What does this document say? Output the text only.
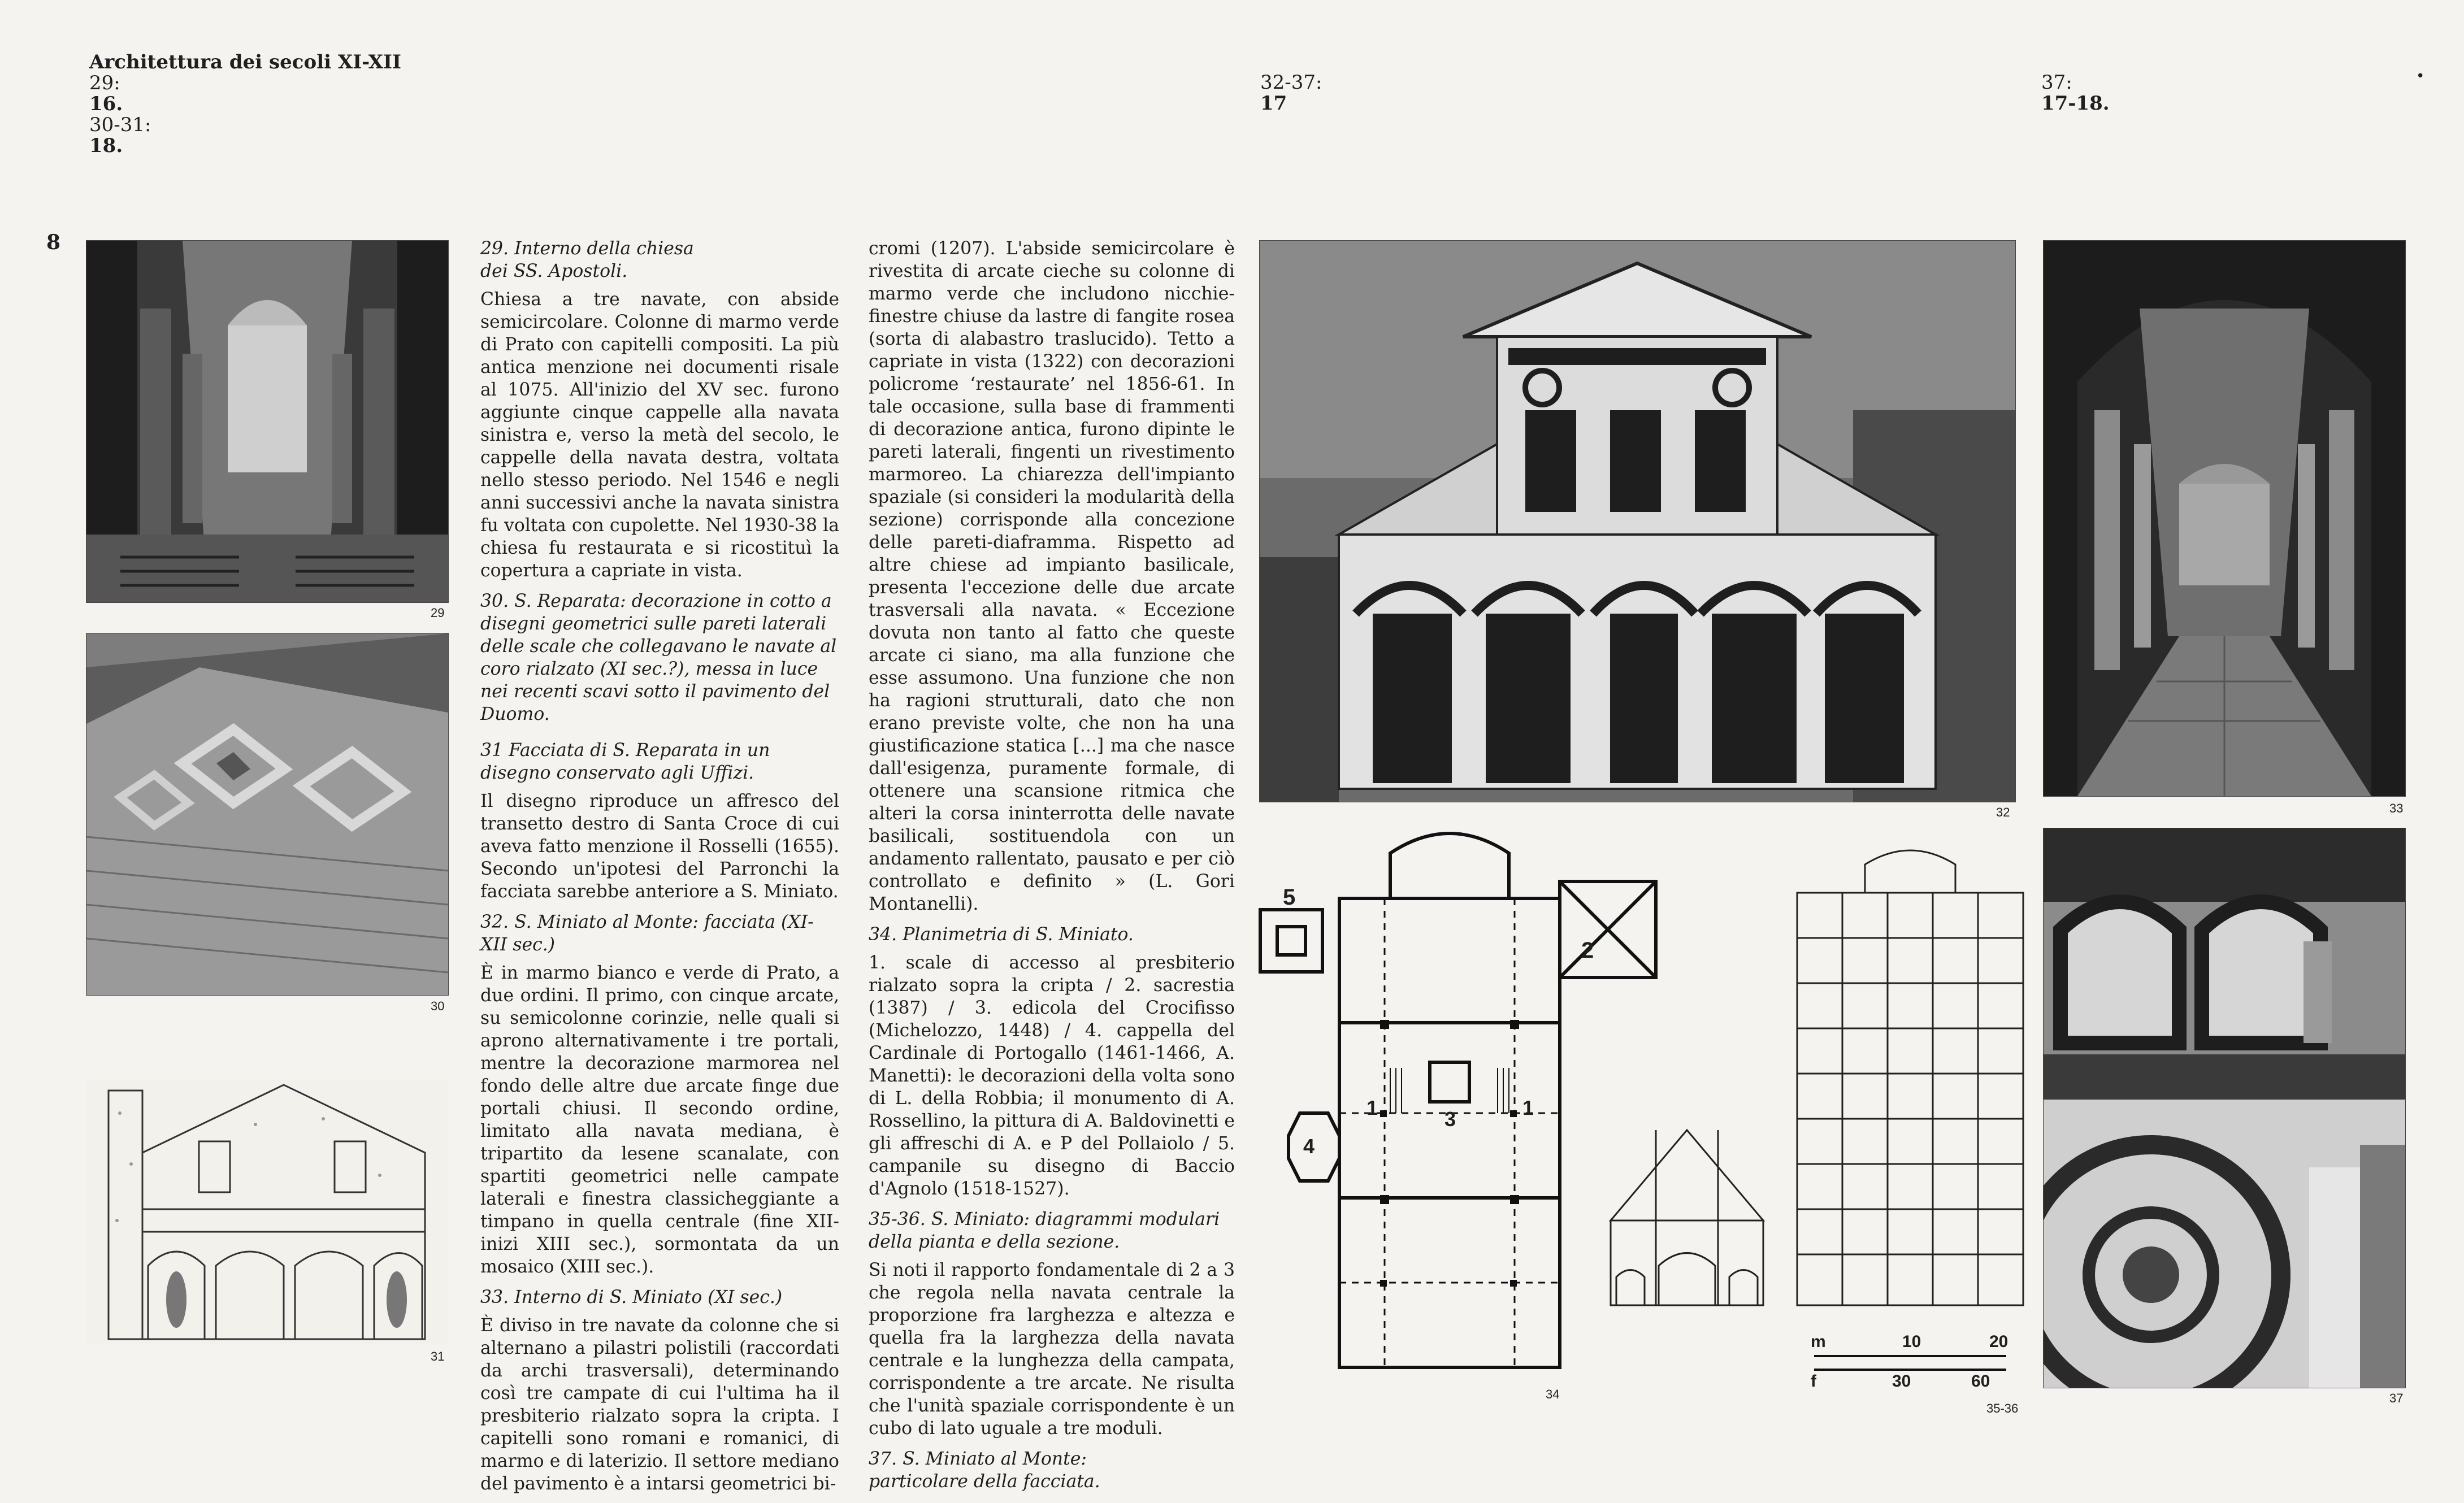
Architettura dei secoli XI-XII
29:
16.
30-31:
18.
32-37:
17
37:
17-18.
•
8
29
30
31
29. Interno della chiesa
dei SS. Apostoli.

Chiesa a tre navate, con abside semicircolare. Colonne di marmo verde di Prato con capitelli compositi. La più antica menzione nei documenti risale al 1075. All'inizio del XV sec. furono aggiunte cinque cappelle alla navata sinistra e, verso la metà del secolo, le cappelle della navata destra, voltata nello stesso periodo. Nel 1546 e negli anni successivi anche la navata sinistra fu voltata con cupolette. Nel 1930-38 la chiesa fu restaurata e si ricostituì la copertura a capriate in vista.

30. S. Reparata: decorazione in cotto a disegni geometrici sulle pareti laterali delle scale che collegavano le navate al coro rialzato (XI sec.?), messa in luce nei recenti scavi sotto il pavimento del Duomo.
31 Facciata di S. Reparata in un disegno conservato agli Uffizi.

Il disegno riproduce un affresco del transetto destro di Santa Croce di cui aveva fatto menzione il Rosselli (1655). Secondo un'ipotesi del Parronchi la facciata sarebbe anteriore a S. Miniato.

32. S. Miniato al Monte: facciata (XI-XII sec.)

È in marmo bianco e verde di Prato, a due ordini. Il primo, con cinque arcate, su semicolonne corinzie, nelle quali si aprono alternativamente i tre portali, mentre la decorazione marmorea nel fondo delle altre due arcate finge due portali chiusi. Il secondo ordine, limitato alla navata mediana, è tripartito da lesene scanalate, con spartiti geometrici nelle campate laterali e finestra classicheggiante a timpano in quella centrale (fine XII-inizi XIII sec.), sormontata da un mosaico (XIII sec.).

33. Interno di S. Miniato (XI sec.)

È diviso in tre navate da colonne che si alternano a pilastri polistili (raccordati da archi trasversali), determinando così tre campate di cui l'ultima ha il presbiterio rialzato sopra la cripta. I capitelli sono romani e romanici, di marmo e di laterizio. Il settore mediano del pavimento è a intarsi geometrici bi-

cromi (1207). L'abside semicircolare è rivestita di arcate cieche su colonne di marmo verde che includono nicchie-finestre chiuse da lastre di fangite rosea (sorta di alabastro traslucido). Tetto a capriate in vista (1322) con decorazioni policrome ‘restaurate’ nel 1856-61. In tale occasione, sulla base di frammenti di decorazione antica, furono dipinte le pareti laterali, fingenti un rivestimento marmoreo. La chiarezza dell'impianto spaziale (si consideri la modularità della sezione) corrisponde alla concezione delle pareti-diaframma. Rispetto ad altre chiese ad impianto basilicale, presenta l'eccezione delle due arcate trasversali alla navata. « Eccezione dovuta non tanto al fatto che queste arcate ci siano, ma alla funzione che esse assumono. Una funzione che non ha ragioni strutturali, dato che non erano previste volte, che non ha una giustificazione statica [...] ma che nasce dall'esigenza, puramente formale, di ottenere una scansione ritmica che alteri la corsa ininterrotta delle navate basilicali, sostituendola con un andamento rallentato, pausato e per ciò controllato e definito » (L. Gori Montanelli).

34. Planimetria di S. Miniato.

1. scale di accesso al presbiterio rialzato sopra la cripta / 2. sacrestia (1387) / 3. edicola del Crocifisso (Michelozzo, 1448) / 4. cappella del Cardinale di Portogallo (1461-1466, A. Manetti): le decorazioni della volta sono di L. della Robbia; il monumento di A. Rossellino, la pittura di A. Baldovinetti e gli affreschi di A. e P del Pollaiolo / 5. campanile su disegno di Baccio d'Agnolo (1518-1527).

35-36. S. Miniato: diagrammi modulari della pianta e della sezione.

Si noti il rapporto fondamentale di 2 a 3 che regola nella navata centrale la proporzione fra larghezza e altezza e quella fra la larghezza della navata centrale e la lunghezza della campata, corrispondente a tre arcate. Ne risulta che l'unità spaziale corrispondente è un cubo di lato uguale a tre moduli.

37. S. Miniato al Monte:
particolare della facciata.
32	33
5
2
1	3	1
4
34
m	10	20
f	30	60
35-36
37
